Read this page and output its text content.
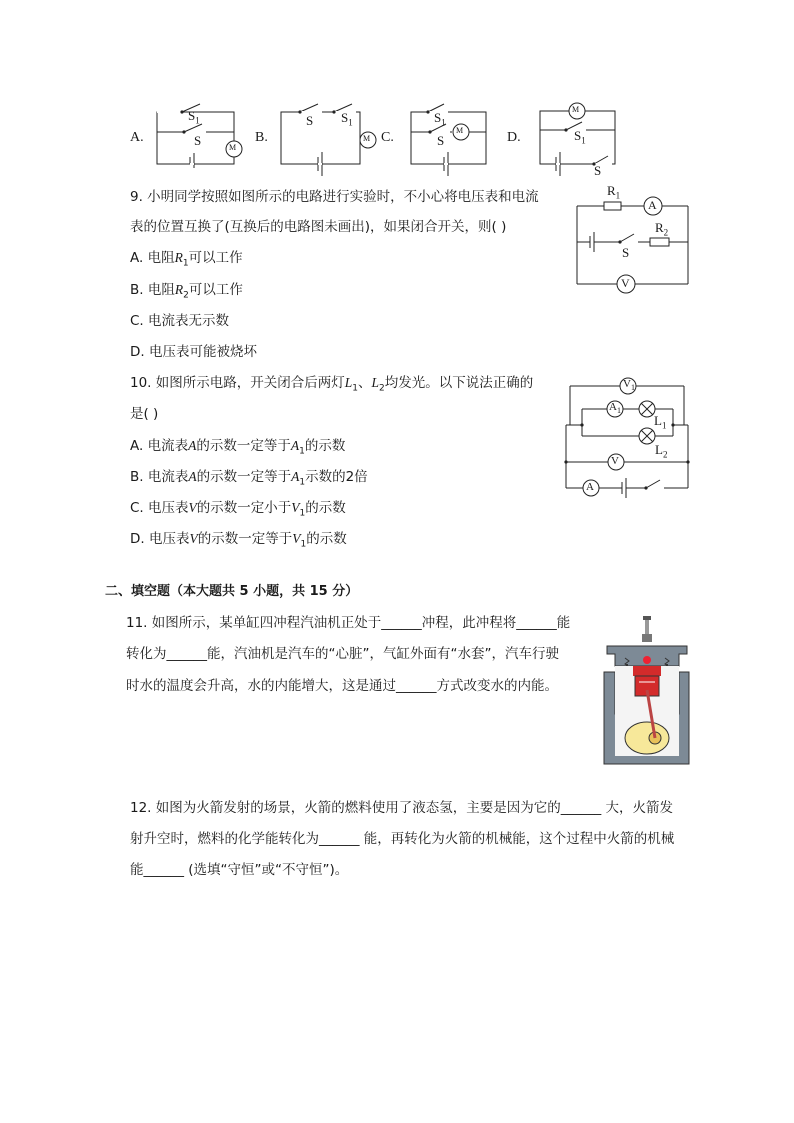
A.	B.	C.	D.
$S_1$
S	M
S $S_1$
M
$S_1$
S
M
M
$S_1$
S
9. 小明同学按照如图所示的电路进行实验时，不小心将电压表和电流
表的位置互换了(互换后的电路图未画出)，如果闭合开关，则( )
A. 电阻$R_1$可以工作
B. 电阻$R_2$可以工作
C. 电流表无示数
D. 电压表可能被烧坏
$R_1$
A
$R_2$
S
V
10. 如图所示电路，开关闭合后两灯$L_1$、$L_2$均发光。以下说法正确的
是( )
A. 电流表A的示数一定等于$A_1$的示数
B. 电流表A的示数一定等于$A_1$示数的2倍
C. 电压表V的示数一定小于$V_1$的示数
D. 电压表V的示数一定等于$V_1$的示数
$V_1$
$A_1$
$L_1$
$L_2$
V
A
二、填空题（本大题共 5 小题，共 15 分）
11. 如图所示，某单缸四冲程汽油机正处于______冲程，此冲程将______能
转化为______能，汽油机是汽车的“心脏”，气缸外面有“水套”，汽车行驶
时水的温度会升高，水的内能增大，这是通过______方式改变水的内能。
12. 如图为火箭发射的场景，火箭的燃料使用了液态氢，主要是因为它的______ 大，火箭发
射升空时，燃料的化学能转化为______ 能，再转化为火箭的机械能，这个过程中火箭的机械
能______ (选填“守恒”或“不守恒”)。
